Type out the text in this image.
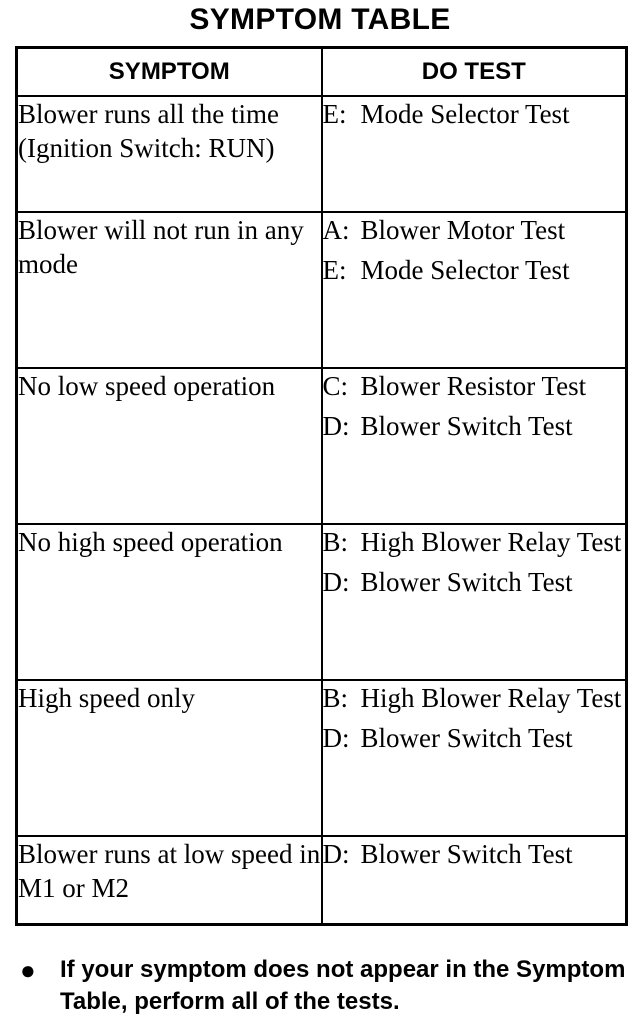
SYMPTOM TABLE
SYMPTOM	DO TEST
Blower runs all the time (Ignition Switch: RUN)	E: Mode Selector Test

Blower will not run in any mode	A: Blower Motor Test
E: Mode Selector Test

No low speed operation	C: Blower Resistor Test
D: Blower Switch Test

No high speed operation	B: High Blower Relay Test
D: Blower Switch Test

High speed only	B: High Blower Relay Test
D: Blower Switch Test

Blower runs at low speed in M1 or M2	D: Blower Switch Test
●	If your symptom does not appear in the Symptom Table, perform all of the tests.
